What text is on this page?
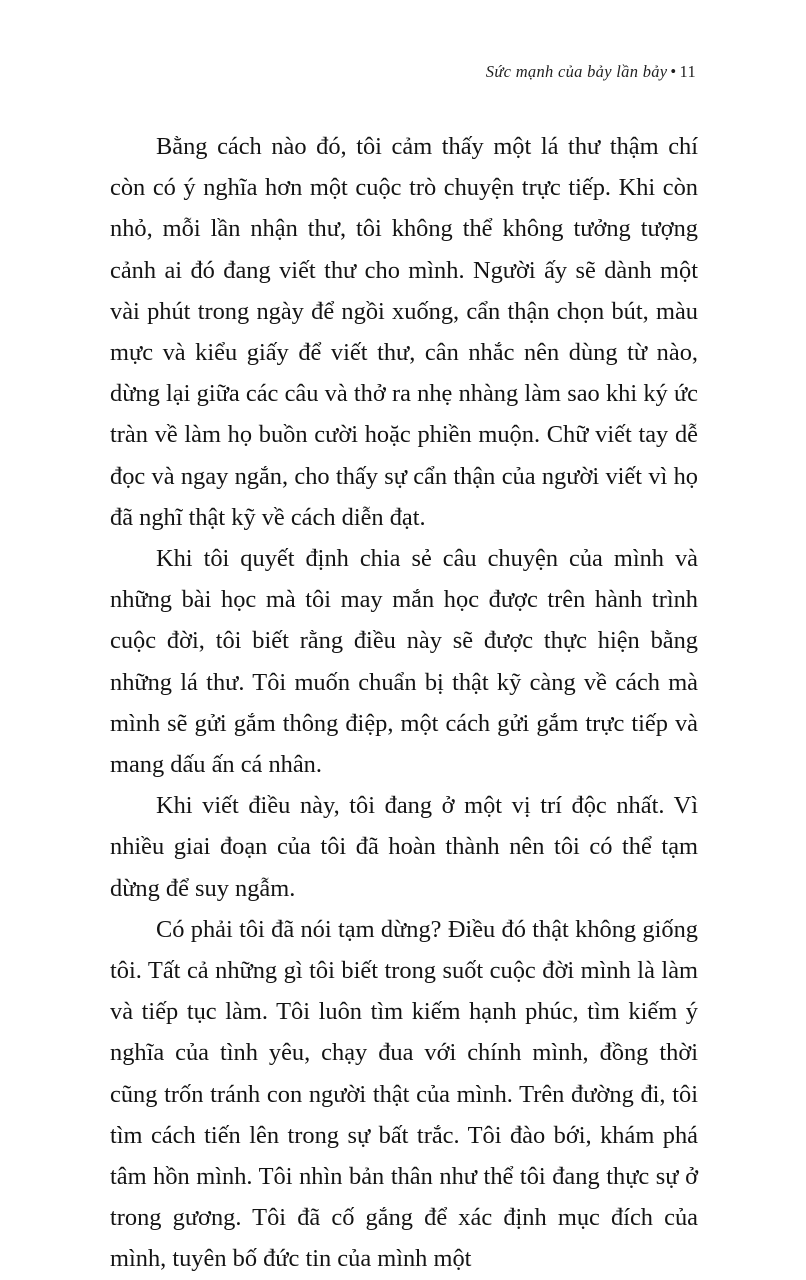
Sức mạnh của bảy lần bảy • 11

Bằng cách nào đó, tôi cảm thấy một lá thư thậm chí còn có ý nghĩa hơn một cuộc trò chuyện trực tiếp. Khi còn nhỏ, mỗi lần nhận thư, tôi không thể không tưởng tượng cảnh ai đó đang viết thư cho mình. Người ấy sẽ dành một vài phút trong ngày để ngồi xuống, cẩn thận chọn bút, màu mực và kiểu giấy để viết thư, cân nhắc nên dùng từ nào, dừng lại giữa các câu và thở ra nhẹ nhàng làm sao khi ký ức tràn về làm họ buồn cười hoặc phiền muộn. Chữ viết tay dễ đọc và ngay ngắn, cho thấy sự cẩn thận của người viết vì họ đã nghĩ thật kỹ về cách diễn đạt.

Khi tôi quyết định chia sẻ câu chuyện của mình và những bài học mà tôi may mắn học được trên hành trình cuộc đời, tôi biết rằng điều này sẽ được thực hiện bằng những lá thư. Tôi muốn chuẩn bị thật kỹ càng về cách mà mình sẽ gửi gắm thông điệp, một cách gửi gắm trực tiếp và mang dấu ấn cá nhân.

Khi viết điều này, tôi đang ở một vị trí độc nhất. Vì nhiều giai đoạn của tôi đã hoàn thành nên tôi có thể tạm dừng để suy ngẫm.

Có phải tôi đã nói tạm dừng? Điều đó thật không giống tôi. Tất cả những gì tôi biết trong suốt cuộc đời mình là làm và tiếp tục làm. Tôi luôn tìm kiếm hạnh phúc, tìm kiếm ý nghĩa của tình yêu, chạy đua với chính mình, đồng thời cũng trốn tránh con người thật của mình. Trên đường đi, tôi tìm cách tiến lên trong sự bất trắc. Tôi đào bới, khám phá tâm hồn mình. Tôi nhìn bản thân như thể tôi đang thực sự ở trong gương. Tôi đã cố gắng để xác định mục đích của mình, tuyên bố đức tin của mình một
